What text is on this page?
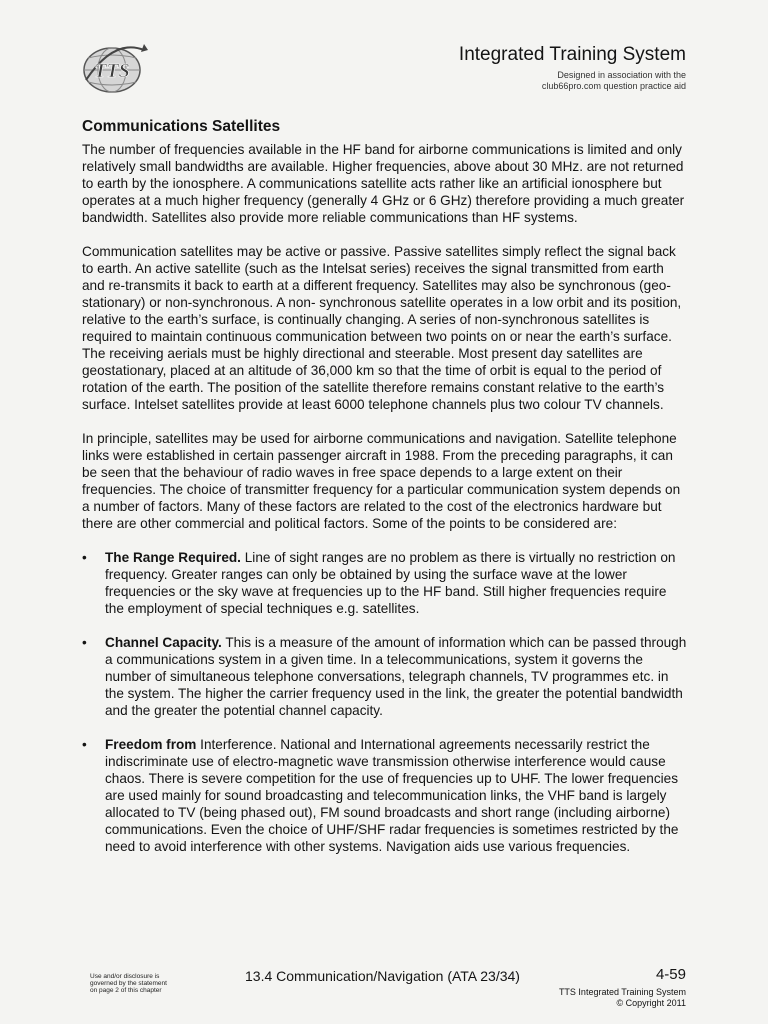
TTS
Integrated Training System
Designed in association with the
club66pro.com question practice aid
Communications Satellites

The number of frequencies available in the HF band for airborne communications is limited and only relatively small bandwidths are available. Higher frequencies, above about 30 MHz. are not returned to earth by the ionosphere. A communications satellite acts rather like an artificial ionosphere but operates at a much higher frequency (generally 4 GHz or 6 GHz) therefore providing a much greater bandwidth. Satellites also provide more reliable communications than HF systems.

Communication satellites may be active or passive. Passive satellites simply reflect the signal back to earth. An active satellite (such as the Intelsat series) receives the signal transmitted from earth and re-transmits it back to earth at a different frequency. Satellites may also be synchronous (geo-stationary) or non-synchronous. A non- synchronous satellite operates in a low orbit and its position, relative to the earth’s surface, is continually changing. A series of non-synchronous satellites is required to maintain continuous communication between two points on or near the earth’s surface. The receiving aerials must be highly directional and steerable. Most present day satellites are geostationary, placed at an altitude of 36,000 km so that the time of orbit is equal to the period of rotation of the earth. The position of the satellite therefore remains constant relative to the earth’s surface. Intelset satellites provide at least 6000 telephone channels plus two colour TV channels.

In principle, satellites may be used for airborne communications and navigation. Satellite telephone links were established in certain passenger aircraft in 1988. From the preceding paragraphs, it can be seen that the behaviour of radio waves in free space depends to a large extent on their frequencies. The choice of transmitter frequency for a particular communication system depends on a number of factors. Many of these factors are related to the cost of the electronics hardware but there are other commercial and political factors. Some of the points to be considered are:

• The Range Required. Line of sight ranges are no problem as there is virtually no restriction on frequency. Greater ranges can only be obtained by using the surface wave at the lower frequencies or the sky wave at frequencies up to the HF band. Still higher frequencies require the employment of special techniques e.g. satellites.
• Channel Capacity. This is a measure of the amount of information which can be passed through a communications system in a given time. In a telecommunications, system it governs the number of simultaneous telephone conversations, telegraph channels, TV programmes etc. in the system. The higher the carrier frequency used in the link, the greater the potential bandwidth and the greater the potential channel capacity.
• Freedom from Interference. National and International agreements necessarily restrict the indiscriminate use of electro-magnetic wave transmission otherwise interference would cause chaos. There is severe competition for the use of frequencies up to UHF. The lower frequencies are used mainly for sound broadcasting and telecommunication links, the VHF band is largely allocated to TV (being phased out), FM sound broadcasts and short range (including airborne) communications. Even the choice of UHF/SHF radar frequencies is sometimes restricted by the need to avoid interference with other systems. Navigation aids use various frequencies.
Use and/or disclosure is
governed by the statement
on page 2 of this chapter
13.4 Communication/Navigation (ATA 23/34)	4-59
TTS Integrated Training System
© Copyright 2011
